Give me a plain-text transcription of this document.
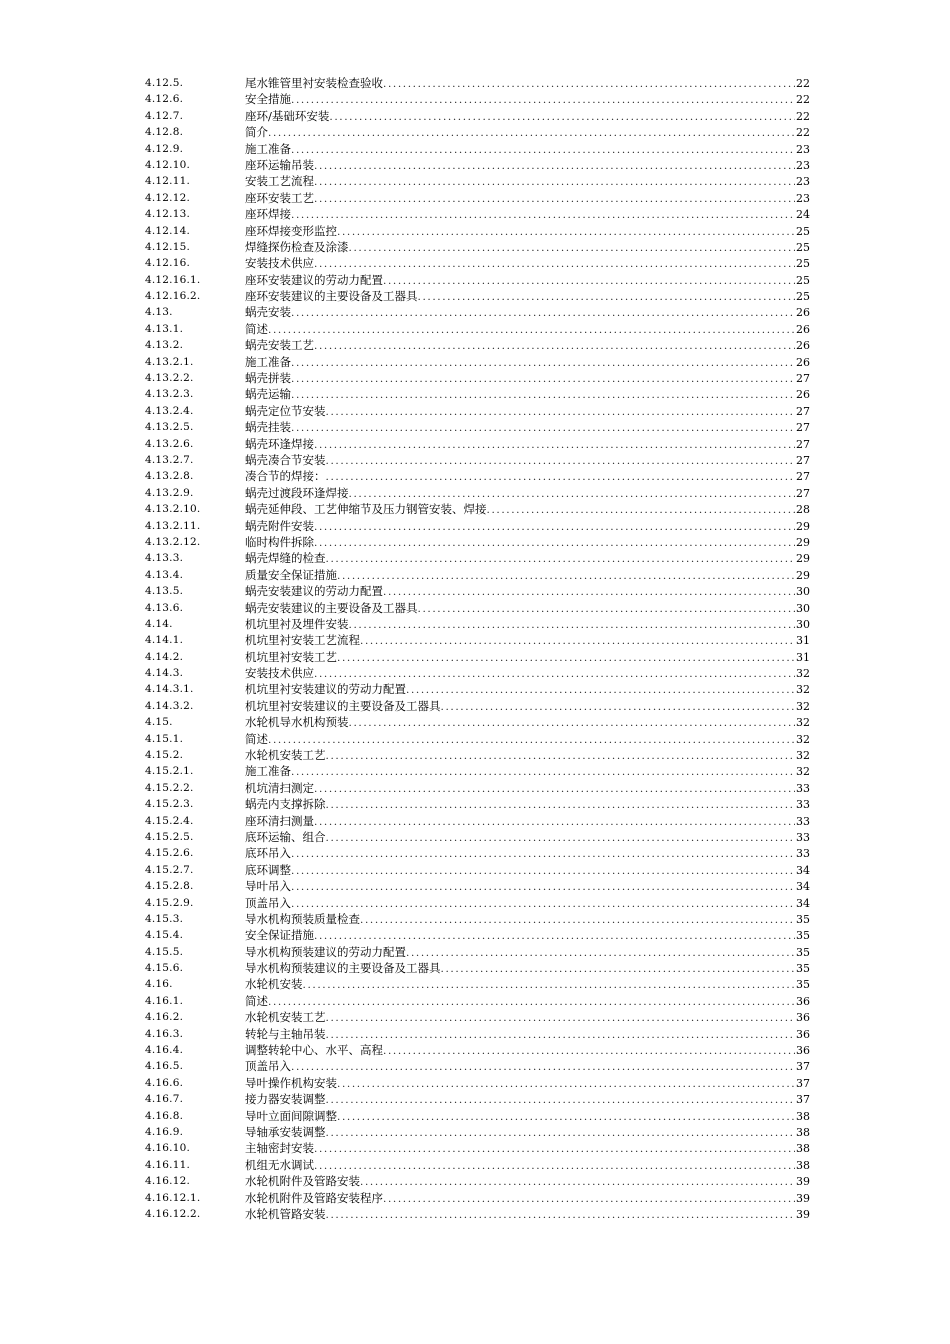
4.12.5.	尾水锥管里衬安装检查验收 .....	22
4.12.6.	安全措施 .....	22
4.12.7.	座环/基础环安装 .....	22
4.12.8.	简介 .....	22
4.12.9.	施工准备 .....	23
4.12.10.	座环运输吊装 .....	23
4.12.11.	安装工艺流程 .....	23
4.12.12.	座环安装工艺 .....	23
4.12.13.	座环焊接 .....	24
4.12.14.	座环焊接变形监控 .....	25
4.12.15.	焊缝探伤检查及涂漆 .....	25
4.12.16.	安装技术供应 .....	25
4.12.16.1.	座环安装建议的劳动力配置 .....	25
4.12.16.2.	座环安装建议的主要设备及工器具 .....	25
4.13.	蜗壳安装 .....	26
4.13.1.	简述 .....	26
4.13.2.	蜗壳安装工艺 .....	26
4.13.2.1.	施工准备 .....	26
4.13.2.2.	蜗壳拼装 .....	27
4.13.2.3.	蜗壳运输 .....	26
4.13.2.4.	蜗壳定位节安装 .....	27
4.13.2.5.	蜗壳挂装 .....	27
4.13.2.6.	蜗壳环逢焊接 .....	27
4.13.2.7.	蜗壳凑合节安装 .....	27
4.13.2.8.	凑合节的焊接： .....	27
4.13.2.9.	蜗壳过渡段环逢焊接 .....	27
4.13.2.10.	蜗壳延伸段、工艺伸缩节及压力钢管安装、焊接 .....	28
4.13.2.11.	蜗壳附件安装 .....	29
4.13.2.12.	临时构件拆除 .....	29
4.13.3.	蜗壳焊缝的检查 .....	29
4.13.4.	质量安全保证措施 .....	29
4.13.5.	蜗壳安装建议的劳动力配置 .....	30
4.13.6.	蜗壳安装建议的主要设备及工器具 .....	30
4.14.	机坑里衬及埋件安装 .....	30
4.14.1.	机坑里衬安装工艺流程 .....	31
4.14.2.	机坑里衬安装工艺 .....	31
4.14.3.	安装技术供应 .....	32
4.14.3.1.	机坑里衬安装建议的劳动力配置 .....	32
4.14.3.2.	机坑里衬安装建议的主要设备及工器具 .....	32
4.15.	水轮机导水机构预装 .....	32
4.15.1.	简述 .....	32
4.15.2.	水轮机安装工艺 .....	32
4.15.2.1.	施工准备 .....	32
4.15.2.2.	机坑清扫测定 .....	33
4.15.2.3.	蜗壳内支撑拆除 .....	33
4.15.2.4.	座环清扫测量 .....	33
4.15.2.5.	底环运输、组合 .....	33
4.15.2.6.	底环吊入 .....	33
4.15.2.7.	底环调整 .....	34
4.15.2.8.	导叶吊入 .....	34
4.15.2.9.	顶盖吊入 .....	34
4.15.3.	导水机构预装质量检查 .....	35
4.15.4.	安全保证措施 .....	35
4.15.5.	导水机构预装建议的劳动力配置 .....	35
4.15.6.	导水机构预装建议的主要设备及工器具 .....	35
4.16.	水轮机安装 .....	35
4.16.1.	简述 .....	36
4.16.2.	水轮机安装工艺 .....	36
4.16.3.	转轮与主轴吊装 .....	36
4.16.4.	调整转轮中心、水平、高程 .....	36
4.16.5.	顶盖吊入 .....	37
4.16.6.	导叶操作机构安装 .....	37
4.16.7.	接力器安装调整 .....	37
4.16.8.	导叶立面间隙调整 .....	38
4.16.9.	导轴承安装调整 .....	38
4.16.10.	主轴密封安装 .....	38
4.16.11.	机组无水调试 .....	38
4.16.12.	水轮机附件及管路安装 .....	39
4.16.12.1.	水轮机附件及管路安装程序 .....	39
4.16.12.2.	水轮机管路安装 .....	39
